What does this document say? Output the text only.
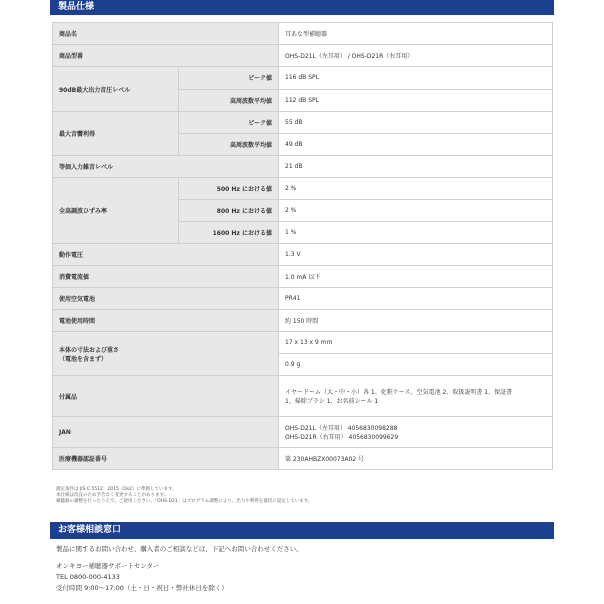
製品仕様
商品名		耳あな型補聴器
商品型番		OHS-D21L（左耳用） / OHS-D21R（右耳用）
90dB最大出力音圧レベル	ピーク値	116 dB SPL
	高周波数平均値	112 dB SPL
最大音響利得	ピーク値	55 dB
	高周波数平均値	49 dB
等価入力雑音レベル		21 dB
全高調波ひずみ率	500 Hz における値	2 %
	800 Hz における値	2 %
	1600 Hz における値	1 %
動作電圧		1.3 V
消費電流値		1.0 mA 以下
使用空気電池		PR41
電池使用時間		約 150 時間

本体の寸法および重さ
（電池を含まず）		17 x 13 x 9 mm
		0.9 g
付属品		イヤードーム（大・中・小）各 1、化粧ケース、空気電池 2、取扱説明書 1、保証書
1、掃除ブラシ 1、お名前シール 1

JAN		OHS-D21L（左耳用） 4056830098288
OHS-D21R（右耳用） 4056830099629

医療機器認証番号		第 230AHBZX00073A02 号
測定条件は JIS C 5512：2015（Ds2）に準拠しています。
本仕様は改良のため予告なく変更することがあります。
補聴器の調整を行ったうえで、ご使用ください。「OHS-D21」はプログラム調整により、出力や利得を適切に設定しています。
お客様相談窓口
製品に関するお問い合わせ、購入者のご相談などは、下記へお問い合わせください。
オンキヨー補聴器サポートセンター
TEL 0800-000-4133
受付時間 9:00～17:00（土・日・祝日・弊社休日を除く）
